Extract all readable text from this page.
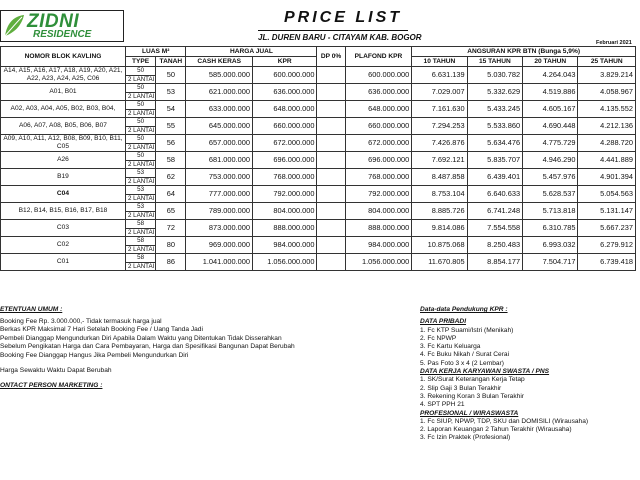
ZIDNI
RESIDENCE
PRICE LIST
JL. DUREN BARU - CITAYAM KAB. BOGOR
Februari 2021
NOMOR BLOK KAVLING	LUAS M²		HARGA JUAL		DP 0%	PLAFOND KPR	ANGSURAN KPR BTN (Bunga 5,9%)			
	TYPE	TANAH	CASH KERAS	KPR			10 TAHUN	15 TAHUN	20 TAHUN	25 TAHUN
A14, A15, A16, A17, A18, A19, A20, A21, A22, A23, A24, A25, C06	50	50	585.000.000	600.000.000		600.000.000	6.631.139	5.030.782	4.264.043	3.829.214
	2 LANTAI									
A01, B01	50	53	621.000.000	636.000.000		636.000.000	7.029.007	5.332.629	4.519.886	4.058.967
	2 LANTAI									
A02, A03, A04, A05, B02, B03, B04,	50	54	633.000.000	648.000.000		648.000.000	7.161.630	5.433.245	4.605.167	4.135.552
	2 LANTAI									
A06, A07, A08, B05, B06, B07	50	55	645.000.000	660.000.000		660.000.000	7.294.253	5.533.860	4.690.448	4.212.136
	2 LANTAI									
A09, A10, A11, A12, B08, B09, B10, B11, C05	50	56	657.000.000	672.000.000		672.000.000	7.426.876	5.634.476	4.775.729	4.288.720
	2 LANTAI									
A26	50	58	681.000.000	696.000.000		696.000.000	7.692.121	5.835.707	4.946.290	4.441.889
	2 LANTAI									
B19	53	62	753.000.000	768.000.000		768.000.000	8.487.858	6.439.401	5.457.976	4.901.394
	2 LANTAI									
C04	53	64	777.000.000	792.000.000		792.000.000	8.753.104	6.640.633	5.628.537	5.054.563
	2 LANTAI									
B12, B14, B15, B16, B17, B18	53	65	789.000.000	804.000.000		804.000.000	8.885.726	6.741.248	5.713.818	5.131.147
	2 LANTAI									
C03	58	72	873.000.000	888.000.000		888.000.000	9.814.086	7.554.558	6.310.785	5.667.237
	2 LANTAI									
C02	58	80	969.000.000	984.000.000		984.000.000	10.875.068	8.250.483	6.993.032	6.279.912
	2 LANTAI									
C01	58	86	1.041.000.000	1.056.000.000		1.056.000.000	11.670.805	8.854.177	7.504.717	6.739.418
	2 LANTAI									
ETENTUAN UMUM :
Booking Fee Rp. 3.000.000,- Tidak termasuk harga jual
Berkas KPR Maksimal 7 Hari Setelah Booking Fee / Uang Tanda Jadi
Pembeli Dianggap Mengundurkan Diri Apabila Dalam Waktu yang Ditentukan Tidak Disserahkan
Sebelum Pengikatan Harga dan Cara Pembayaran, Harga dan Spesifikasi Bangunan Dapat Berubah
Booking Fee Dianggap Hangus Jika Pembeli Mengundurkan Diri
Harga Sewaktu Waktu Dapat Berubah
ONTACT PERSON MARKETING :
Data-data Pendukung KPR :
DATA PRIBADI
1. Fc KTP Suami/Istri (Menikah)
2. Fc NPWP
3. Fc Kartu Keluarga
4. Fc Buku Nikah / Surat Cerai
5. Pas Foto 3 x 4 (2 Lembar)
DATA KERJA KARYAWAN SWASTA / PNS
1. SK/Surat Keterangan Kerja Tetap
2. Slip Gaji 3 Bulan Terakhir
3. Rekening Koran 3 Bulan Terakhir
4. SPT PPH 21
PROFESIONAL / WIRASWASTA
1. Fc SIUP, NPWP, TDP, SKU dan DOMISILI (Wirausaha)
2. Laporan Keuangan 2 Tahun Terakhir (Wirausaha)
3. Fc Izin Praktek (Profesional)
